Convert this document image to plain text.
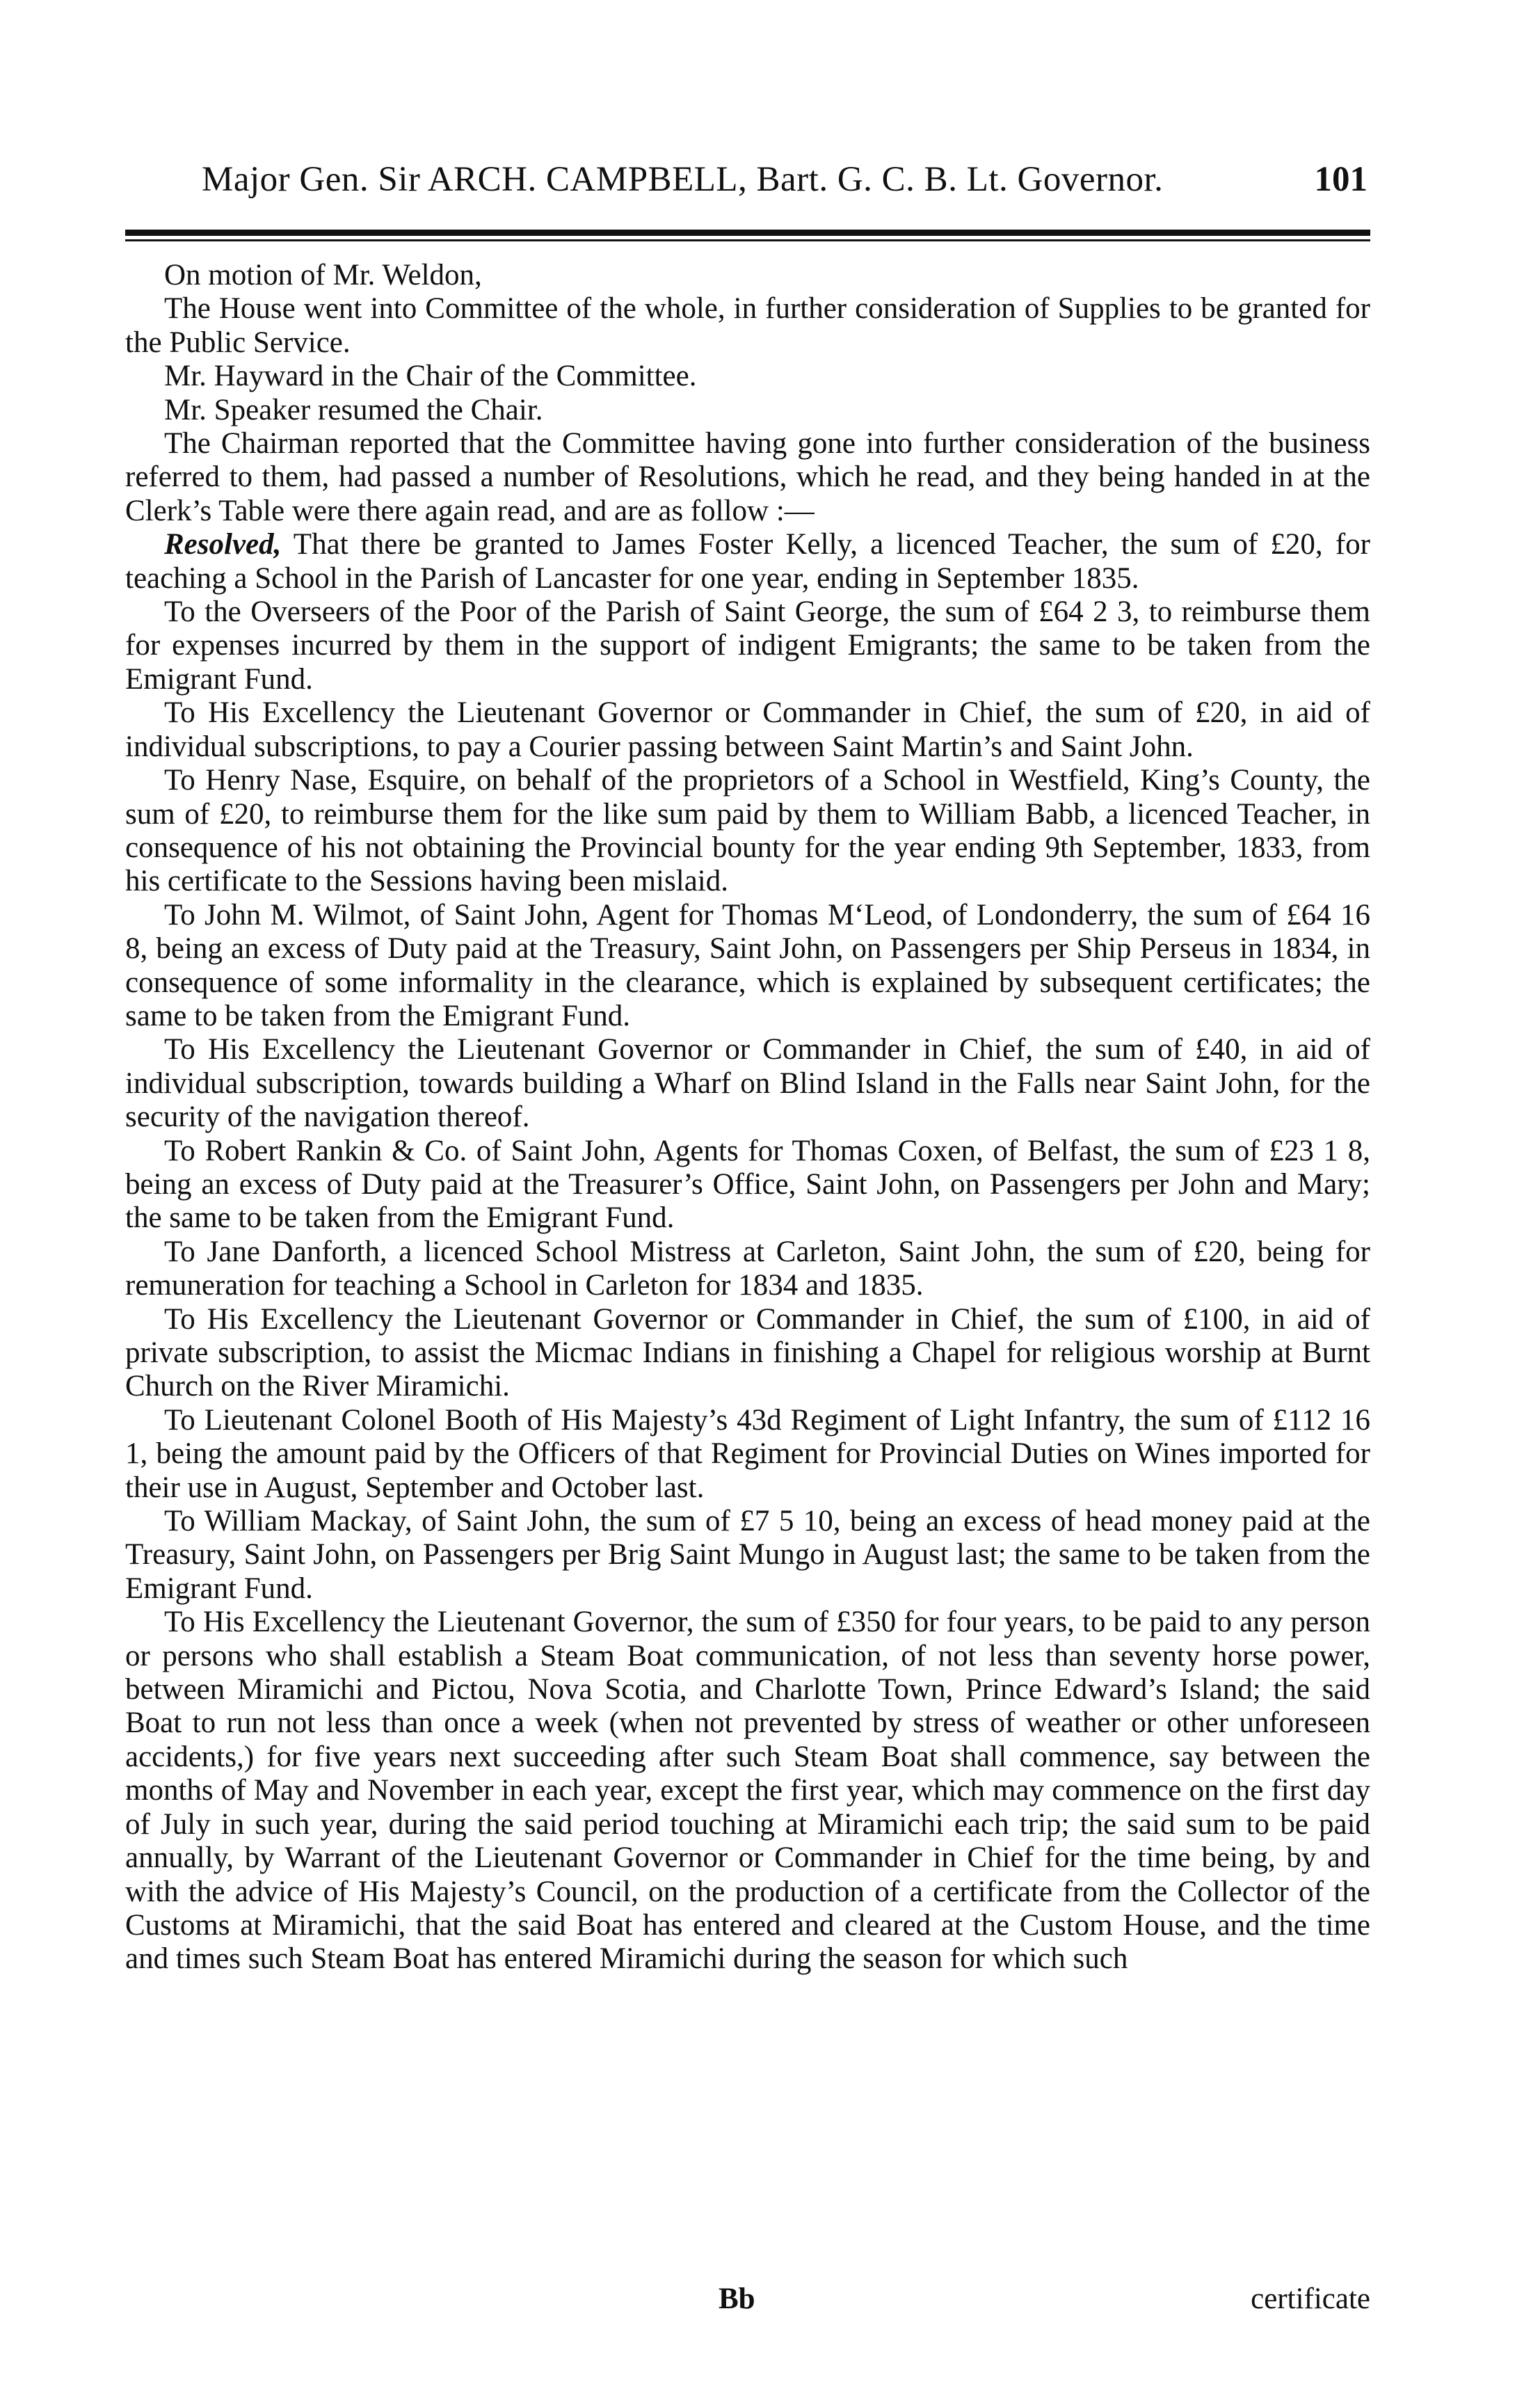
Major Gen. Sir ARCH. CAMPBELL, Bart. G. C. B. Lt. Governor.	101

On motion of Mr. Weldon,

The House went into Committee of the whole, in further consideration of Supplies to be granted for the Public Service.

Mr. Hayward in the Chair of the Committee.

Mr. Speaker resumed the Chair.

The Chairman reported that the Committee having gone into further consideration of the business referred to them, had passed a number of Resolutions, which he read, and they being handed in at the Clerk’s Table were there again read, and are as follow :—

Resolved, That there be granted to James Foster Kelly, a licenced Teacher, the sum of £20, for teaching a School in the Parish of Lancaster for one year, ending in September 1835.

To the Overseers of the Poor of the Parish of Saint George, the sum of £64 2 3, to reimburse them for expenses incurred by them in the support of indigent Emigrants; the same to be taken from the Emigrant Fund.

To His Excellency the Lieutenant Governor or Commander in Chief, the sum of £20, in aid of individual subscriptions, to pay a Courier passing between Saint Martin’s and Saint John.

To Henry Nase, Esquire, on behalf of the proprietors of a School in Westfield, King’s County, the sum of £20, to reimburse them for the like sum paid by them to William Babb, a licenced Teacher, in consequence of his not obtaining the Provincial bounty for the year ending 9th September, 1833, from his certificate to the Sessions having been mislaid.

To John M. Wilmot, of Saint John, Agent for Thomas M‘Leod, of Londonderry, the sum of £64 16 8, being an excess of Duty paid at the Treasury, Saint John, on Passengers per Ship Perseus in 1834, in consequence of some informality in the clearance, which is explained by subsequent certificates; the same to be taken from the Emigrant Fund.

To His Excellency the Lieutenant Governor or Commander in Chief, the sum of £40, in aid of individual subscription, towards building a Wharf on Blind Island in the Falls near Saint John, for the security of the navigation thereof.

To Robert Rankin & Co. of Saint John, Agents for Thomas Coxen, of Belfast, the sum of £23 1 8, being an excess of Duty paid at the Treasurer’s Office, Saint John, on Passengers per John and Mary; the same to be taken from the Emigrant Fund.

To Jane Danforth, a licenced School Mistress at Carleton, Saint John, the sum of £20, being for remuneration for teaching a School in Carleton for 1834 and 1835.

To His Excellency the Lieutenant Governor or Commander in Chief, the sum of £100, in aid of private subscription, to assist the Micmac Indians in finishing a Chapel for religious worship at Burnt Church on the River Miramichi.

To Lieutenant Colonel Booth of His Majesty’s 43d Regiment of Light Infantry, the sum of £112 16 1, being the amount paid by the Officers of that Regiment for Provincial Duties on Wines imported for their use in August, September and October last.

To William Mackay, of Saint John, the sum of £7 5 10, being an excess of head money paid at the Treasury, Saint John, on Passengers per Brig Saint Mungo in August last; the same to be taken from the Emigrant Fund.

To His Excellency the Lieutenant Governor, the sum of £350 for four years, to be paid to any person or persons who shall establish a Steam Boat communication, of not less than seventy horse power, between Miramichi and Pictou, Nova Scotia, and Charlotte Town, Prince Edward’s Island; the said Boat to run not less than once a week (when not prevented by stress of weather or other unforeseen accidents,) for five years next succeeding after such Steam Boat shall commence, say between the months of May and November in each year, except the first year, which may commence on the first day of July in such year, during the said period touching at Miramichi each trip; the said sum to be paid annually, by Warrant of the Lieutenant Governor or Commander in Chief for the time being, by and with the advice of His Majesty’s Council, on the production of a certificate from the Collector of the Customs at Miramichi, that the said Boat has entered and cleared at the Custom House, and the time and times such Steam Boat has entered Miramichi during the season for which such

Bb	certificate
